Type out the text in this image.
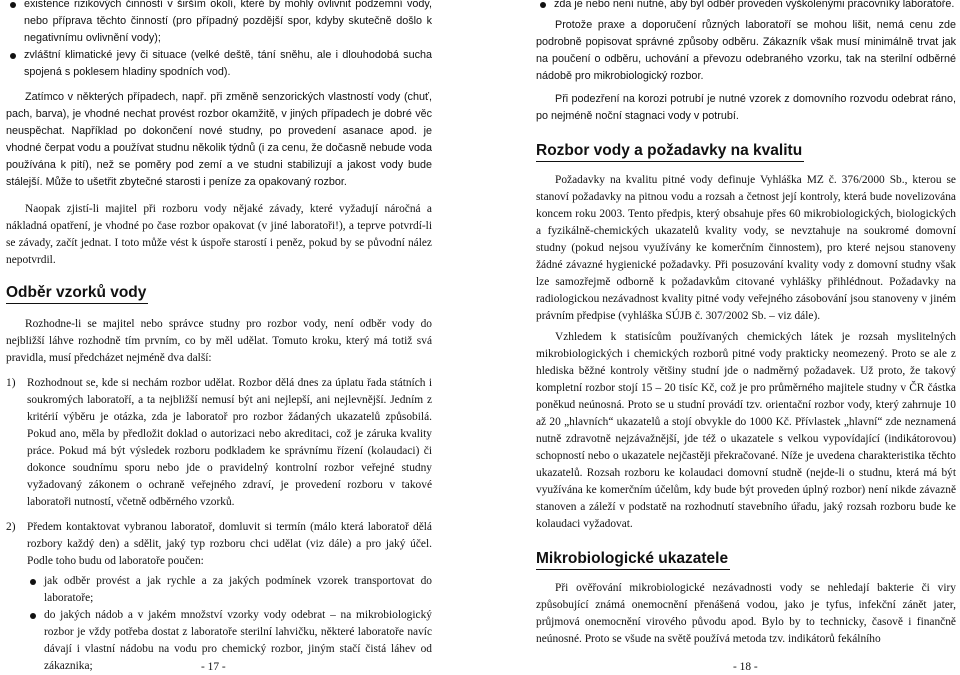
existence rizikových činností v širším okolí, které by mohly ovlivnit podzemní vody, nebo příprava těchto činností (pro případný pozdější spor, kdyby skutečně došlo k negativnímu ovlivnění vody);
zvláštní klimatické jevy či situace (velké deště, tání sněhu, ale i dlouhodobá sucha spojená s poklesem hladiny spodních vod).

Zatímco v některých případech, např. při změně senzorických vlastností vody (chuť, pach, barva), je vhodné nechat provést rozbor okamžitě, v jiných případech je dobré věc neuspěchat. Například po dokončení nové studny, po provedení asanace apod. je vhodné čerpat vodu a používat studnu několik týdnů (i za cenu, že dočasně nebude voda používána k pití), než se poměry pod zemí a ve studni stabilizují a jakost vody bude stálejší. Může to ušetřit zbytečné starosti i peníze za opakovaný rozbor.

Naopak zjistí-li majitel při rozboru vody nějaké závady, které vyžadují náročná a nákladná opatření, je vhodné po čase rozbor opakovat (v jiné laboratoři!), a teprve potvrdí-li se závady, začít jednat. I toto může vést k úspoře starostí i peněz, pokud by se původní nález nepotvrdil.

Odběr vzorků vody

Rozhodne-li se majitel nebo správce studny pro rozbor vody, není odběr vody do nejbližší láhve rozhodně tím prvním, co by měl udělat. Tomuto kroku, který má totiž svá pravidla, musí předcházet nejméně dva další:

1) Rozhodnout se, kde si nechám rozbor udělat. Rozbor dělá dnes za úplatu řada státních i soukromých laboratoří, a ta nejbližší nemusí být ani nejlepší, ani nejlevnější. Jedním z kritérií výběru je otázka, zda je laboratoř pro rozbor žádaných ukazatelů způsobilá. Pokud ano, měla by předložit doklad o autorizaci nebo akreditaci, což je záruka kvality práce. Pokud má být výsledek rozboru podkladem ke správnímu řízení (kolaudaci) či dokonce soudnímu sporu nebo jde o pravidelný kontrolní rozbor veřejné studny vyžadovaný zákonem o ochraně veřejného zdraví, je provedení rozboru v takové laboratoři nutností, včetně odběrného vzorků.
2) Předem kontaktovat vybranou laboratoř, domluvit si termín (málo která laboratoř dělá rozbory každý den) a sdělit, jaký typ rozboru chci udělat (viz dále) a pro jaký účel. Podle toho budu od laboratoře poučen:
jak odběr provést a jak rychle a za jakých podmínek vzorek transportovat do laboratoře;
do jakých nádob a v jakém množství vzorky vody odebrat – na mikrobiologický rozbor je vždy potřeba dostat z laboratoře sterilní lahvičku, některé laboratoře navíc dávají i vlastní nádobu na vodu pro chemický rozbor, jiným stačí čistá láhev od zákaznika;	- 17 -
zda je nebo není nutné, aby byl odběr proveden vyškolenými pracovníky laboratoře.

Protože praxe a doporučení různých laboratoří se mohou lišit, nemá cenu zde podrobně popisovat správné způsoby odběru. Zákazník však musí minimálně trvat jak na poučení o odběru, uchování a převozu odebraného vzorku, tak na sterilní odběrné nádobě pro mikrobiologický rozbor.

Při podezření na korozi potrubí je nutné vzorek z domovního rozvodu odebrat ráno, po nejméně noční stagnaci vody v potrubí.

Rozbor vody a požadavky na kvalitu

Požadavky na kvalitu pitné vody definuje Vyhláška MZ č. 376/2000 Sb., kterou se stanoví požadavky na pitnou vodu a rozsah a četnost její kontroly, která bude novelizována koncem roku 2003. Tento předpis, který obsahuje přes 60 mikrobiologických, biologických a fyzikálně-chemických ukazatelů kvality vody, se nevztahuje na soukromé domovní studny (pokud nejsou využívány ke komerčním činnostem), pro které nejsou stanoveny žádné závazné hygienické požadavky. Při posuzování kvality vody z domovní studny však lze samozřejmě odborně k požadavkům citované vyhlášky přihlédnout. Požadavky na radiologickou nezávadnost kvality pitné vody veřejného zásobování jsou stanoveny v jiném právním předpise (vyhláška SÚJB č. 307/2002 Sb. – viz dále).

Vzhledem k statisícům používaných chemických látek je rozsah myslitelných mikrobiologických i chemických rozborů pitné vody prakticky neomezený. Proto se ale z hlediska běžné kontroly většiny studní jde o nadměrný požadavek. Už proto, že takový kompletní rozbor stojí 15 – 20 tisíc Kč, což je pro průměrného majitele studny v ČR částka poněkud neúnosná. Proto se u studní provádí tzv. orientační rozbor vody, který zahrnuje 10 až 20 „hlavních“ ukazatelů a stojí obvykle do 1000 Kč. Přívlastek „hlavní“ zde neznamená nutně zdravotně nejzávažnější, jde též o ukazatele s velkou vypovídající (indikátorovou) schopností nebo o ukazatele nejčastěji překračované. Níže je uvedena charakteristika těchto ukazatelů. Rozsah rozboru ke kolaudaci domovní studně (nejde-li o studnu, která má být využívána ke komerčním účelům, kdy bude být proveden úplný rozbor) není nikde závazně stanoven a záleží v podstatě na rozhodnutí stavebního úřadu, jaký rozsah rozboru bude ke kolaudaci vyžadovat.

Mikrobiologické ukazatele

Při ověřování mikrobiologické nezávadnosti vody se nehledají bakterie či viry způsobující známá onemocnění přenášená vodou, jako je tyfus, infekční zánět jater, průjmová onemocnění virového původu apod. Bylo by to technicky, časově i finančně neúnosné. Proto se všude na světě používá metoda tzv. indikátorů fekálního

- 18 -
